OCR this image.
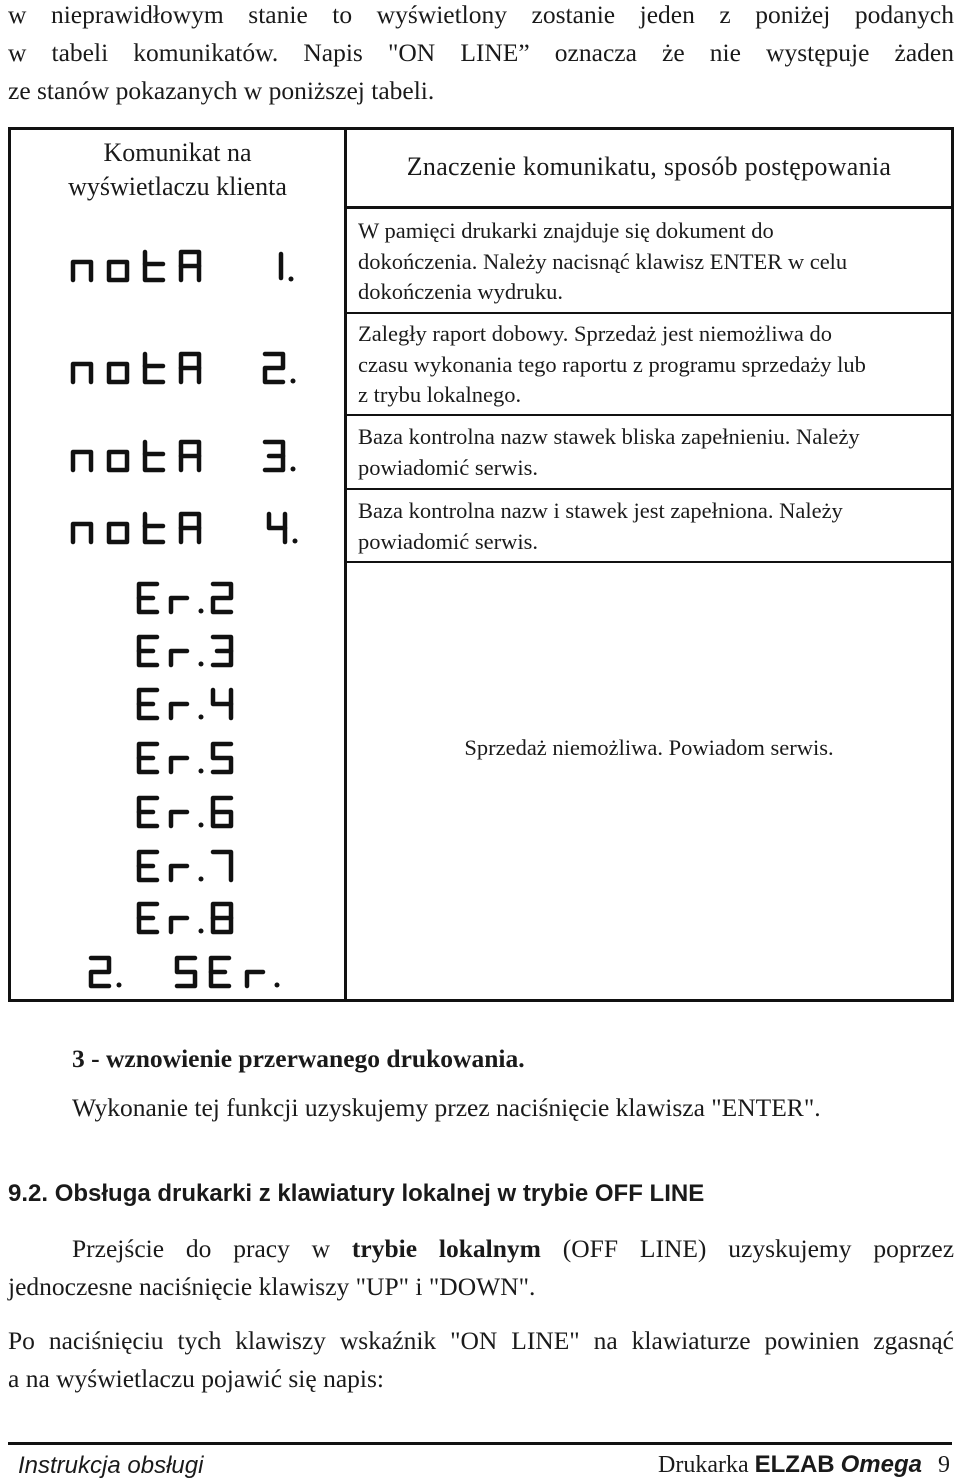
w nieprawidłowym stanie to wyświetlony zostanie jeden z poniżej podanych
w tabeli komunikatów. Napis "ON LINE” oznacza że nie występuje żaden
ze stanów pokazanych w poniższej tabeli.
Komunikat na
wyświetlaczu klienta
Znaczenie komunikatu, sposób postępowania
W pamięci drukarki znajduje się dokument do
dokończenia. Należy nacisnąć klawisz ENTER w celu
dokończenia wydruku.
Zaległy raport dobowy. Sprzedaż jest niemożliwa do
czasu wykonania tego raportu z programu sprzedaży lub
z trybu lokalnego.
Baza kontrolna nazw stawek bliska zapełnieniu. Należy
powiadomić serwis.
Baza kontrolna nazw i stawek jest zapełniona. Należy
powiadomić serwis.
Sprzedaż niemożliwa. Powiadom serwis.
3 - wznowienie przerwanego drukowania.
Wykonanie tej funkcji uzyskujemy przez naciśnięcie klawisza "ENTER".
9.2. Obsługa drukarki z klawiatury lokalnej w trybie OFF LINE
Przejście do pracy w trybie lokalnym (OFF LINE) uzyskujemy poprzez
jednoczesne naciśnięcie klawiszy "UP" i "DOWN".
Po naciśnięciu tych klawiszy wskaźnik "ON LINE" na klawiaturze powinien zgasnąć
a na wyświetlaczu pojawić się napis:
Instrukcja obsługi	Drukarka ELZAB Omega 9
